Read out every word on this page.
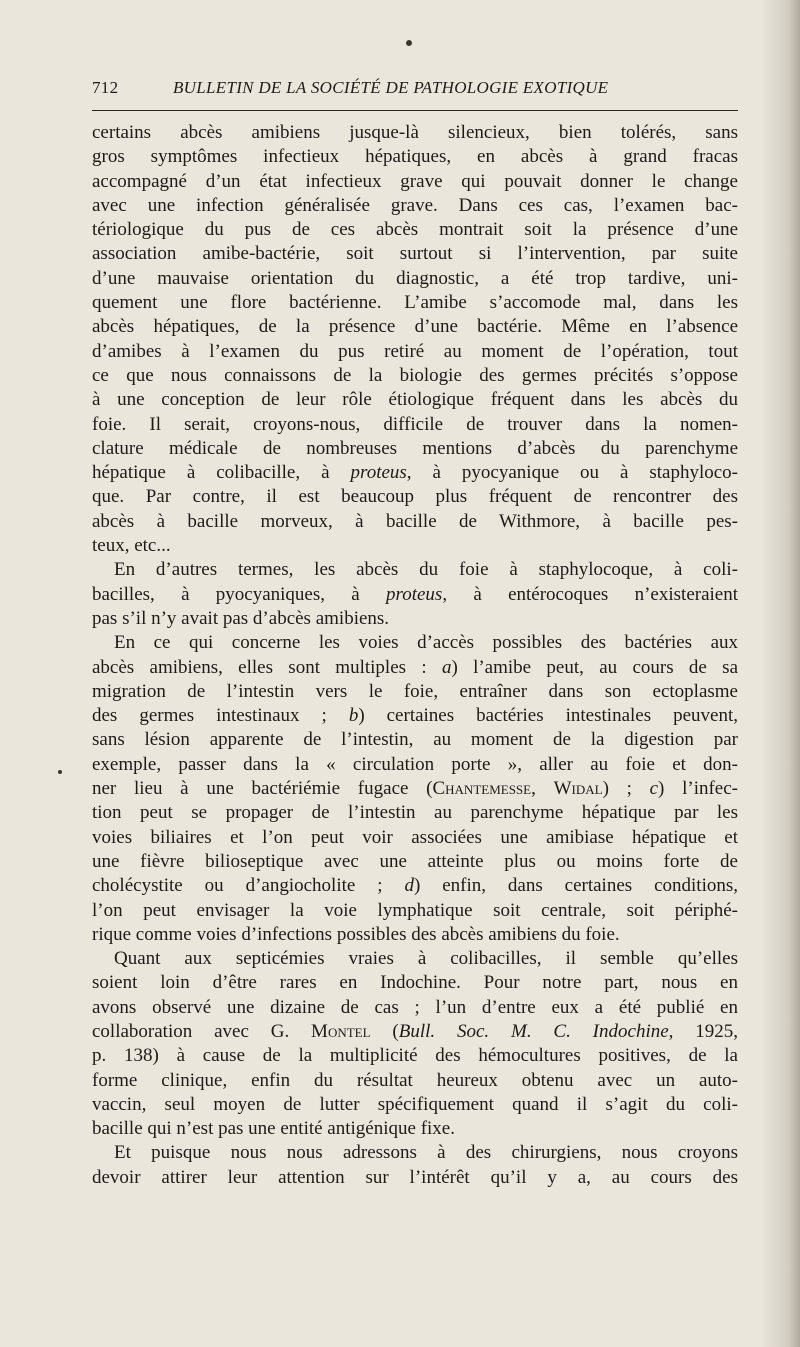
712	BULLETIN DE LA SOCIÉTÉ DE PATHOLOGIE EXOTIQUE
certains abcès amibiens jusque-là silencieux, bien tolérés, sans
gros symptômes infectieux hépatiques, en abcès à grand fracas
accompagné d’un état infectieux grave qui pouvait donner le change
avec une infection généralisée grave. Dans ces cas, l’examen bac-
tériologique du pus de ces abcès montrait soit la présence d’une
association amibe-bactérie, soit surtout si l’intervention, par suite
d’une mauvaise orientation du diagnostic, a été trop tardive, uni-
quement une flore bactérienne. L’amibe s’accomode mal, dans les
abcès hépatiques, de la présence d’une bactérie. Même en l’absence
d’amibes à l’examen du pus retiré au moment de l’opération, tout
ce que nous connaissons de la biologie des germes précités s’oppose
à une conception de leur rôle étiologique fréquent dans les abcès du
foie. Il serait, croyons-nous, difficile de trouver dans la nomen-
clature médicale de nombreuses mentions d’abcès du parenchyme
hépatique à colibacille, à proteus, à pyocyanique ou à staphyloco-
que. Par contre, il est beaucoup plus fréquent de rencontrer des
abcès à bacille morveux, à bacille de Withmore, à bacille pes-
teux, etc...
En d’autres termes, les abcès du foie à staphylocoque, à coli-
bacilles, à pyocyaniques, à proteus, à entérocoques n’existeraient
pas s’il n’y avait pas d’abcès amibiens.
En ce qui concerne les voies d’accès possibles des bactéries aux
abcès amibiens, elles sont multiples : a) l’amibe peut, au cours de sa
migration de l’intestin vers le foie, entraîner dans son ectoplasme
des germes intestinaux ; b) certaines bactéries intestinales peuvent,
sans lésion apparente de l’intestin, au moment de la digestion par
exemple, passer dans la « circulation porte », aller au foie et don-
ner lieu à une bactériémie fugace (Chantemesse, Widal) ; c) l’infec-
tion peut se propager de l’intestin au parenchyme hépatique par les
voies biliaires et l’on peut voir associées une amibiase hépatique et
une fièvre bilioseptique avec une atteinte plus ou moins forte de
cholécystite ou d’angiocholite ; d) enfin, dans certaines conditions,
l’on peut envisager la voie lymphatique soit centrale, soit périphé-
rique comme voies d’infections possibles des abcès amibiens du foie.
Quant aux septicémies vraies à colibacilles, il semble qu’elles
soient loin d’être rares en Indochine. Pour notre part, nous en
avons observé une dizaine de cas ; l’un d’entre eux a été publié en
collaboration avec G. Montel (Bull. Soc. M. C. Indochine, 1925,
p. 138) à cause de la multiplicité des hémocultures positives, de la
forme clinique, enfin du résultat heureux obtenu avec un auto-
vaccin, seul moyen de lutter spécifiquement quand il s’agit du coli-
bacille qui n’est pas une entité antigénique fixe.
Et puisque nous nous adressons à des chirurgiens, nous croyons
devoir attirer leur attention sur l’intérêt qu’il y a, au cours des
